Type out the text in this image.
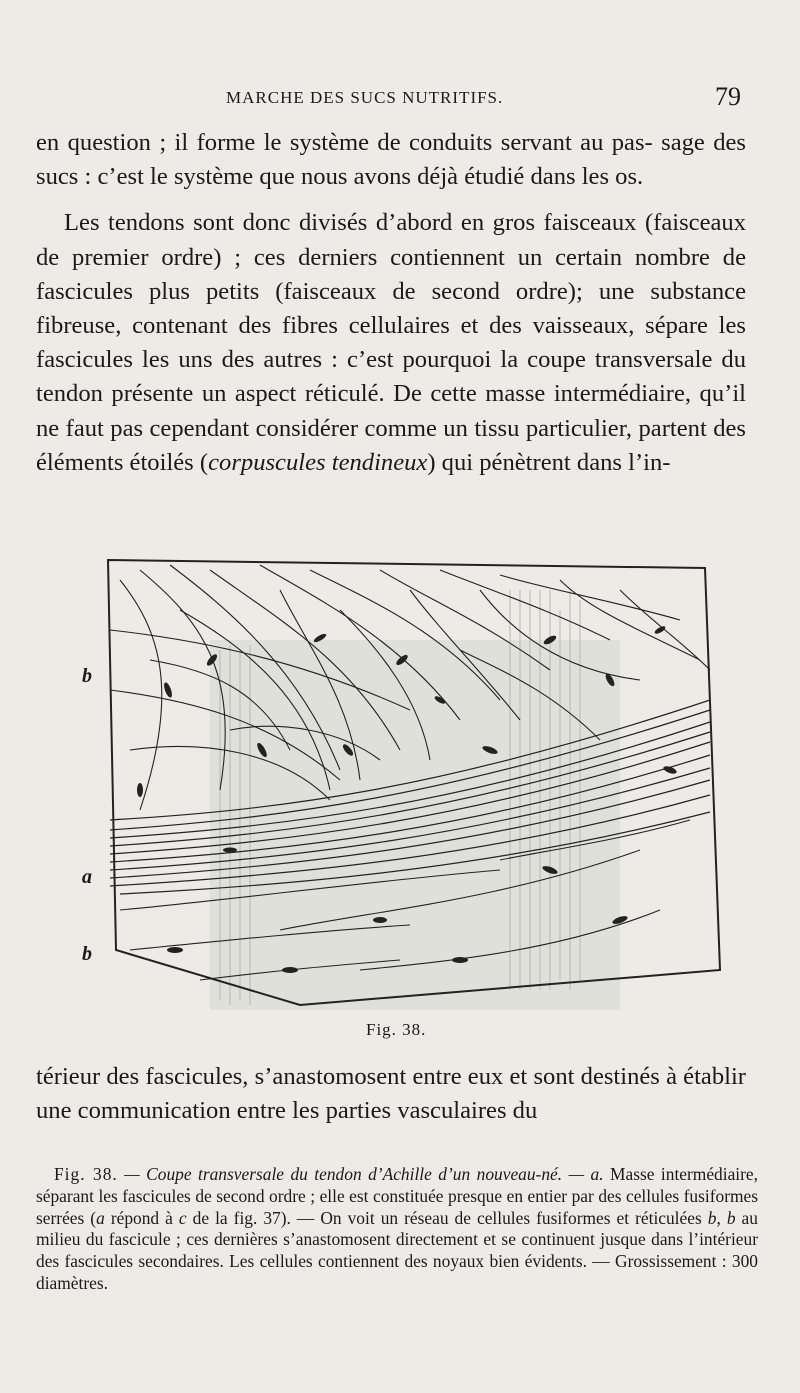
MARCHE DES SUCS NUTRITIFS.	79

en question ; il forme le système de conduits servant au pas- sage des sucs : c’est le système que nous avons déjà étudié dans les os.

Les tendons sont donc divisés d’abord en gros faisceaux (faisceaux de premier ordre) ; ces derniers contiennent un certain nombre de fascicules plus petits (faisceaux de second ordre); une substance fibreuse, contenant des fibres cellulaires et des vaisseaux, sépare les fascicules les uns des autres : c’est pourquoi la coupe transversale du tendon présente un aspect réticulé. De cette masse intermédiaire, qu’il ne faut pas cependant considérer comme un tissu particulier, partent des éléments étoilés (corpuscules tendineux) qui pénètrent dans l’in-

b
a
b
Fig. 38.

térieur des fascicules, s’anastomosent entre eux et sont destinés à établir une communication entre les parties vasculaires du

Fig. 38. — Coupe transversale du tendon d’Achille d’un nouveau-né. — a. Masse intermédiaire, séparant les fascicules de second ordre ; elle est constituée presque en entier par des cellules fusiformes serrées (a répond à c de la fig. 37). — On voit un réseau de cellules fusiformes et réticulées b, b au milieu du fascicule ; ces dernières s’anastomosent directement et se continuent jusque dans l’intérieur des fascicules secondaires. Les cellules contiennent des noyaux bien évidents. — Grossissement : 300 diamètres.
